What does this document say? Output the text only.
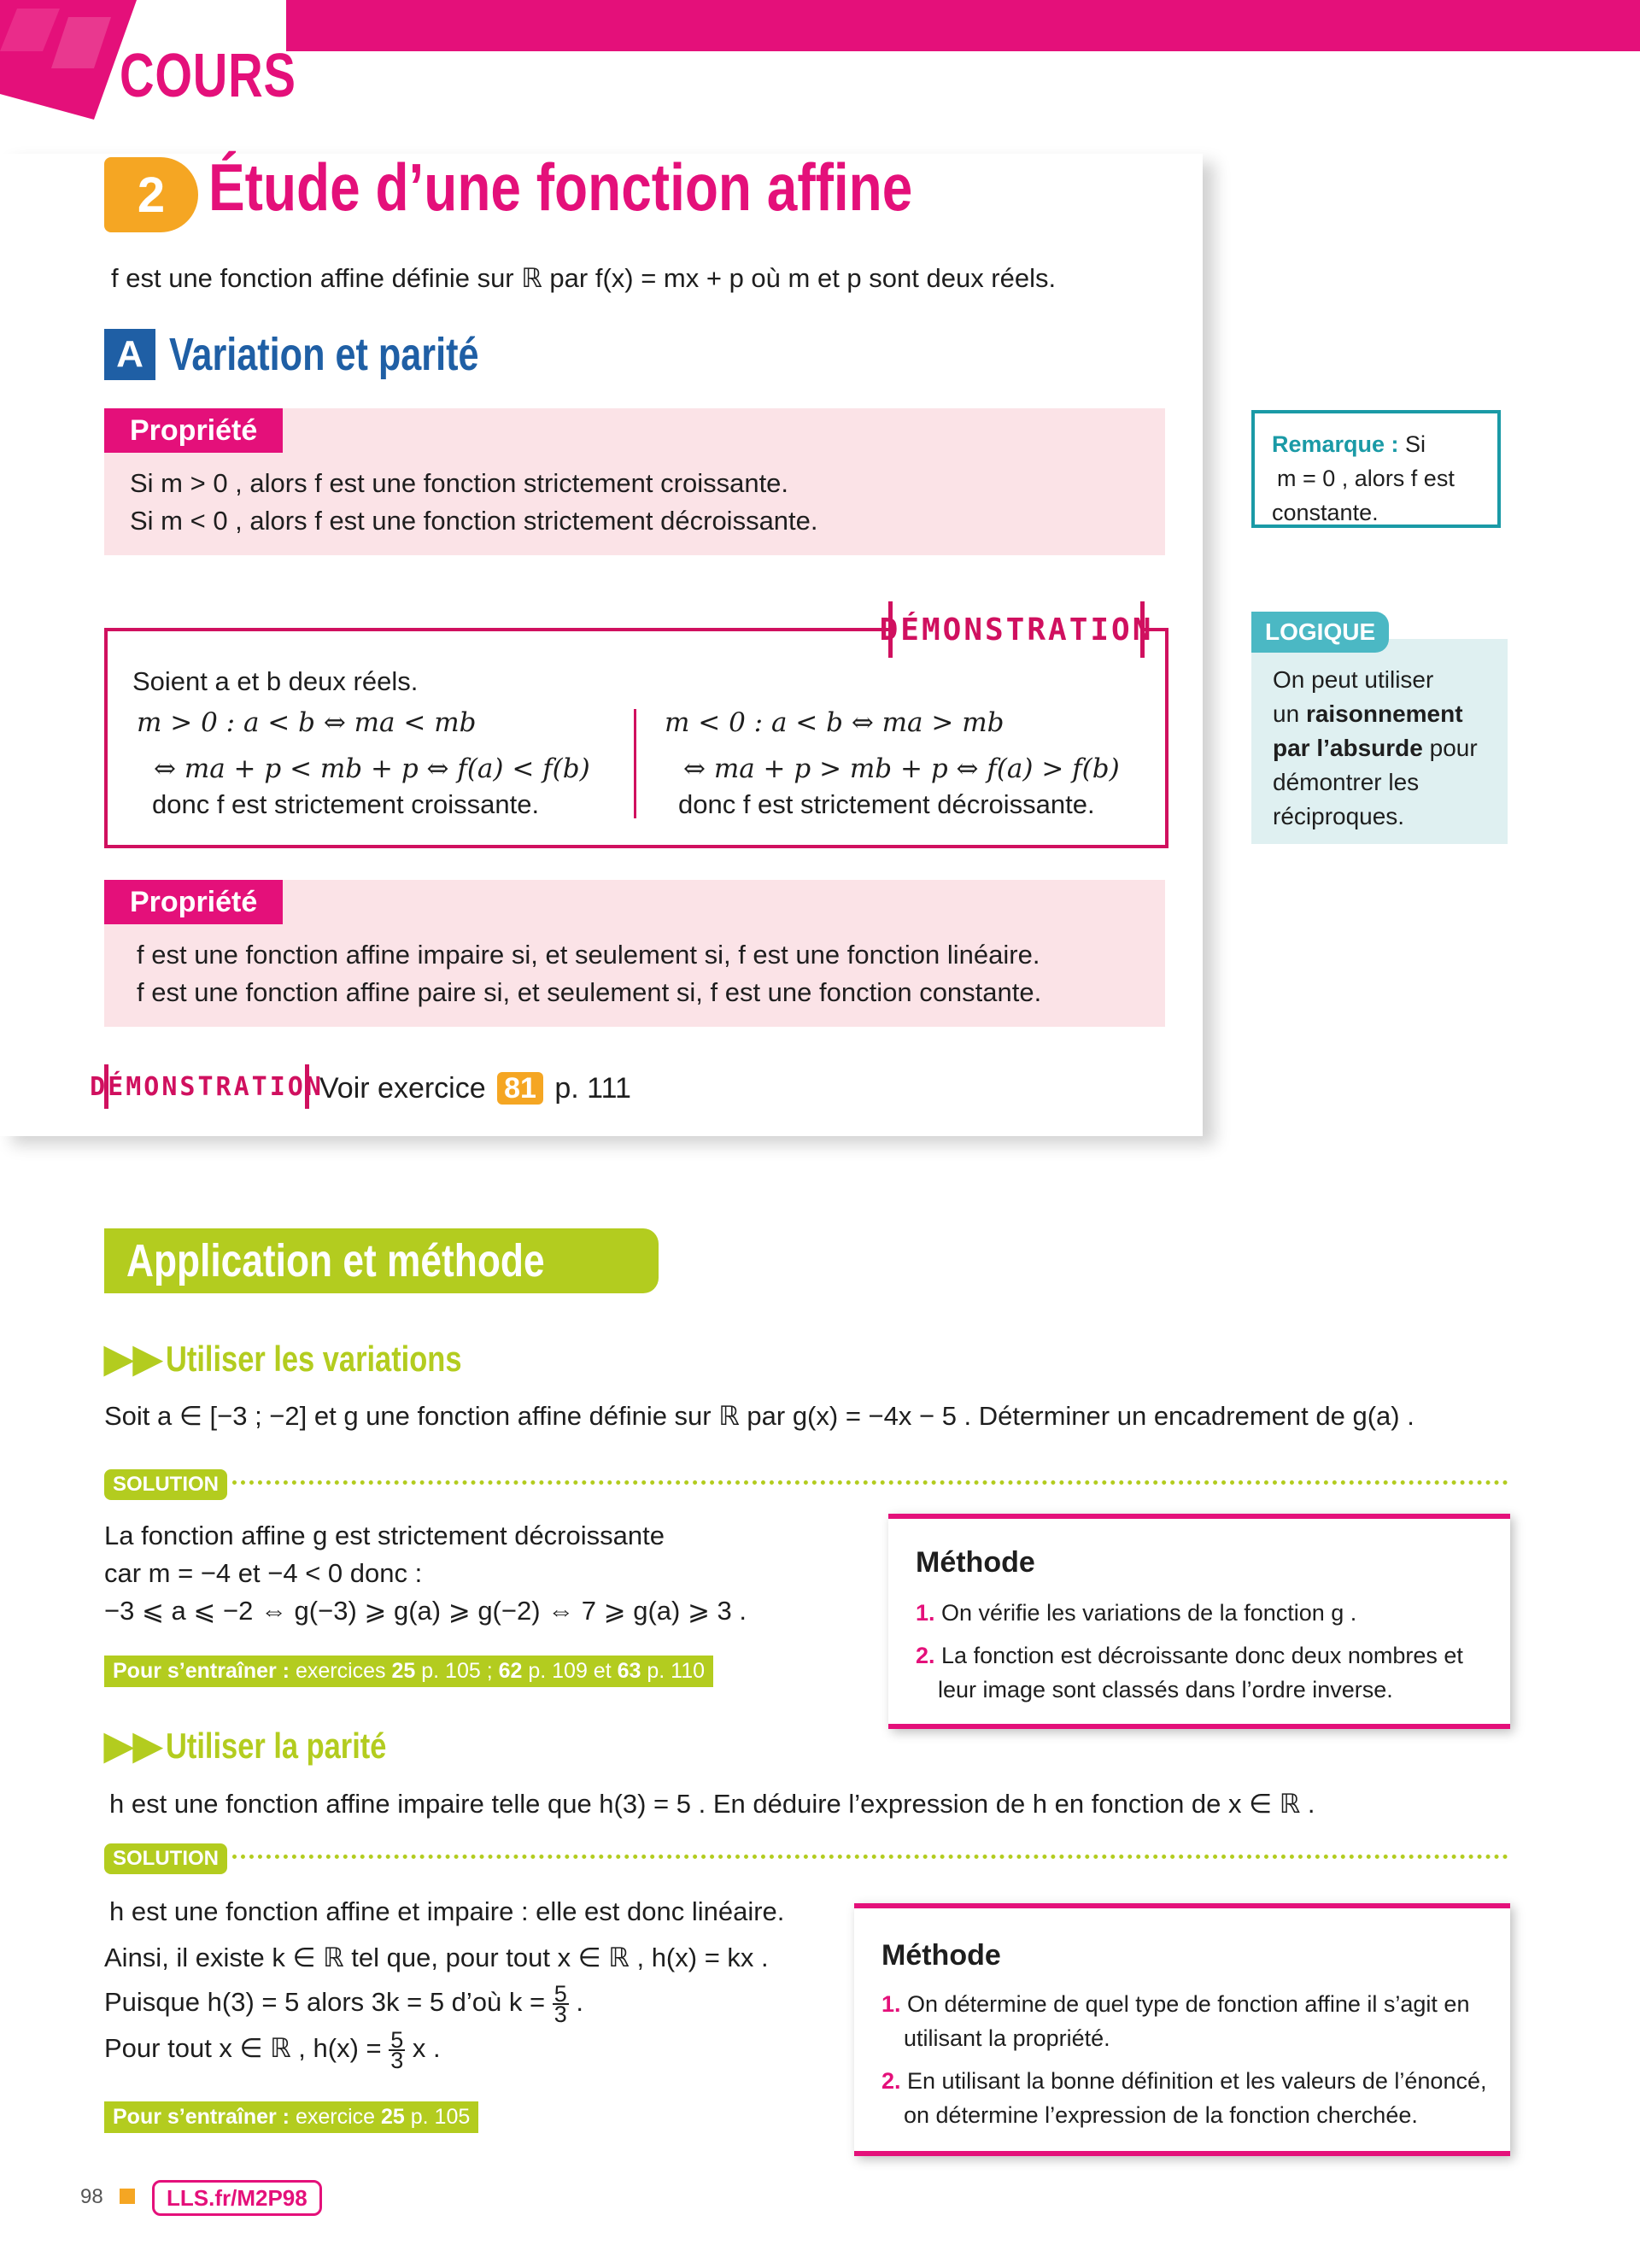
COURS
2 Étude d’une fonction affine
f est une fonction affine définie sur ℝ par f(x) = mx + p où m et p sont deux réels.
A Variation et parité
Propriété
Si m > 0 , alors f est une fonction strictement croissante.
Si m < 0 , alors f est une fonction strictement décroissante.
DÉMONSTRATION
Soient a et b deux réels.
m > 0 : a < b ⇔ ma < mb
⇔ ma + p < mb + p ⇔ f(a) < f(b)
donc f est strictement croissante.
m < 0 : a < b ⇔ ma > mb
⇔ ma + p > mb + p ⇔ f(a) > f(b)
donc f est strictement décroissante.
Propriété
f est une fonction affine impaire si, et seulement si, f est une fonction linéaire.
f est une fonction affine paire si, et seulement si, f est une fonction constante.
DÉMONSTRATION
Voir exercice 81 p. 111
Remarque : Si
m = 0 , alors f est
constante.
LOGIQUE
On peut utiliser
un raisonnement
par l’absurde pour
démontrer les
réciproques.
Application et méthode
▶▶ Utiliser les variations
Soit a ∈ [−3 ; −2] et g une fonction affine définie sur ℝ par g(x) = −4x − 5 . Déterminer un encadrement de g(a) .
SOLUTION
La fonction affine g est strictement décroissante
car m = −4 et −4 < 0 donc :
−3 ⩽ a ⩽ −2 ⇔ g(−3) ⩾ g(a) ⩾ g(−2) ⇔ 7 ⩾ g(a) ⩾ 3 .
Pour s’entraîner : exercices 25 p. 105 ; 62 p. 109 et 63 p. 110
Méthode
1. On vérifie les variations de la fonction g .
2. La fonction est décroissante donc deux nombres et
leur image sont classés dans l’ordre inverse.
▶▶ Utiliser la parité
h est une fonction affine impaire telle que h(3) = 5 . En déduire l’expression de h en fonction de x ∈ ℝ .
SOLUTION
h est une fonction affine et impaire : elle est donc linéaire.
Ainsi, il existe k ∈ ℝ tel que, pour tout x ∈ ℝ , h(x) = kx .
Puisque h(3) = 5 alors 3k = 5 d’où $k = \frac{5}{3}$ .
Pour tout x ∈ ℝ , $h(x) = \frac{5}{3}$ x .
Pour s’entraîner : exercice 25 p. 105
Méthode
1. On détermine de quel type de fonction affine il s’agit en
utilisant la propriété.
2. En utilisant la bonne définition et les valeurs de l’énoncé,
on détermine l’expression de la fonction cherchée.
98	LLS.fr/M2P98
